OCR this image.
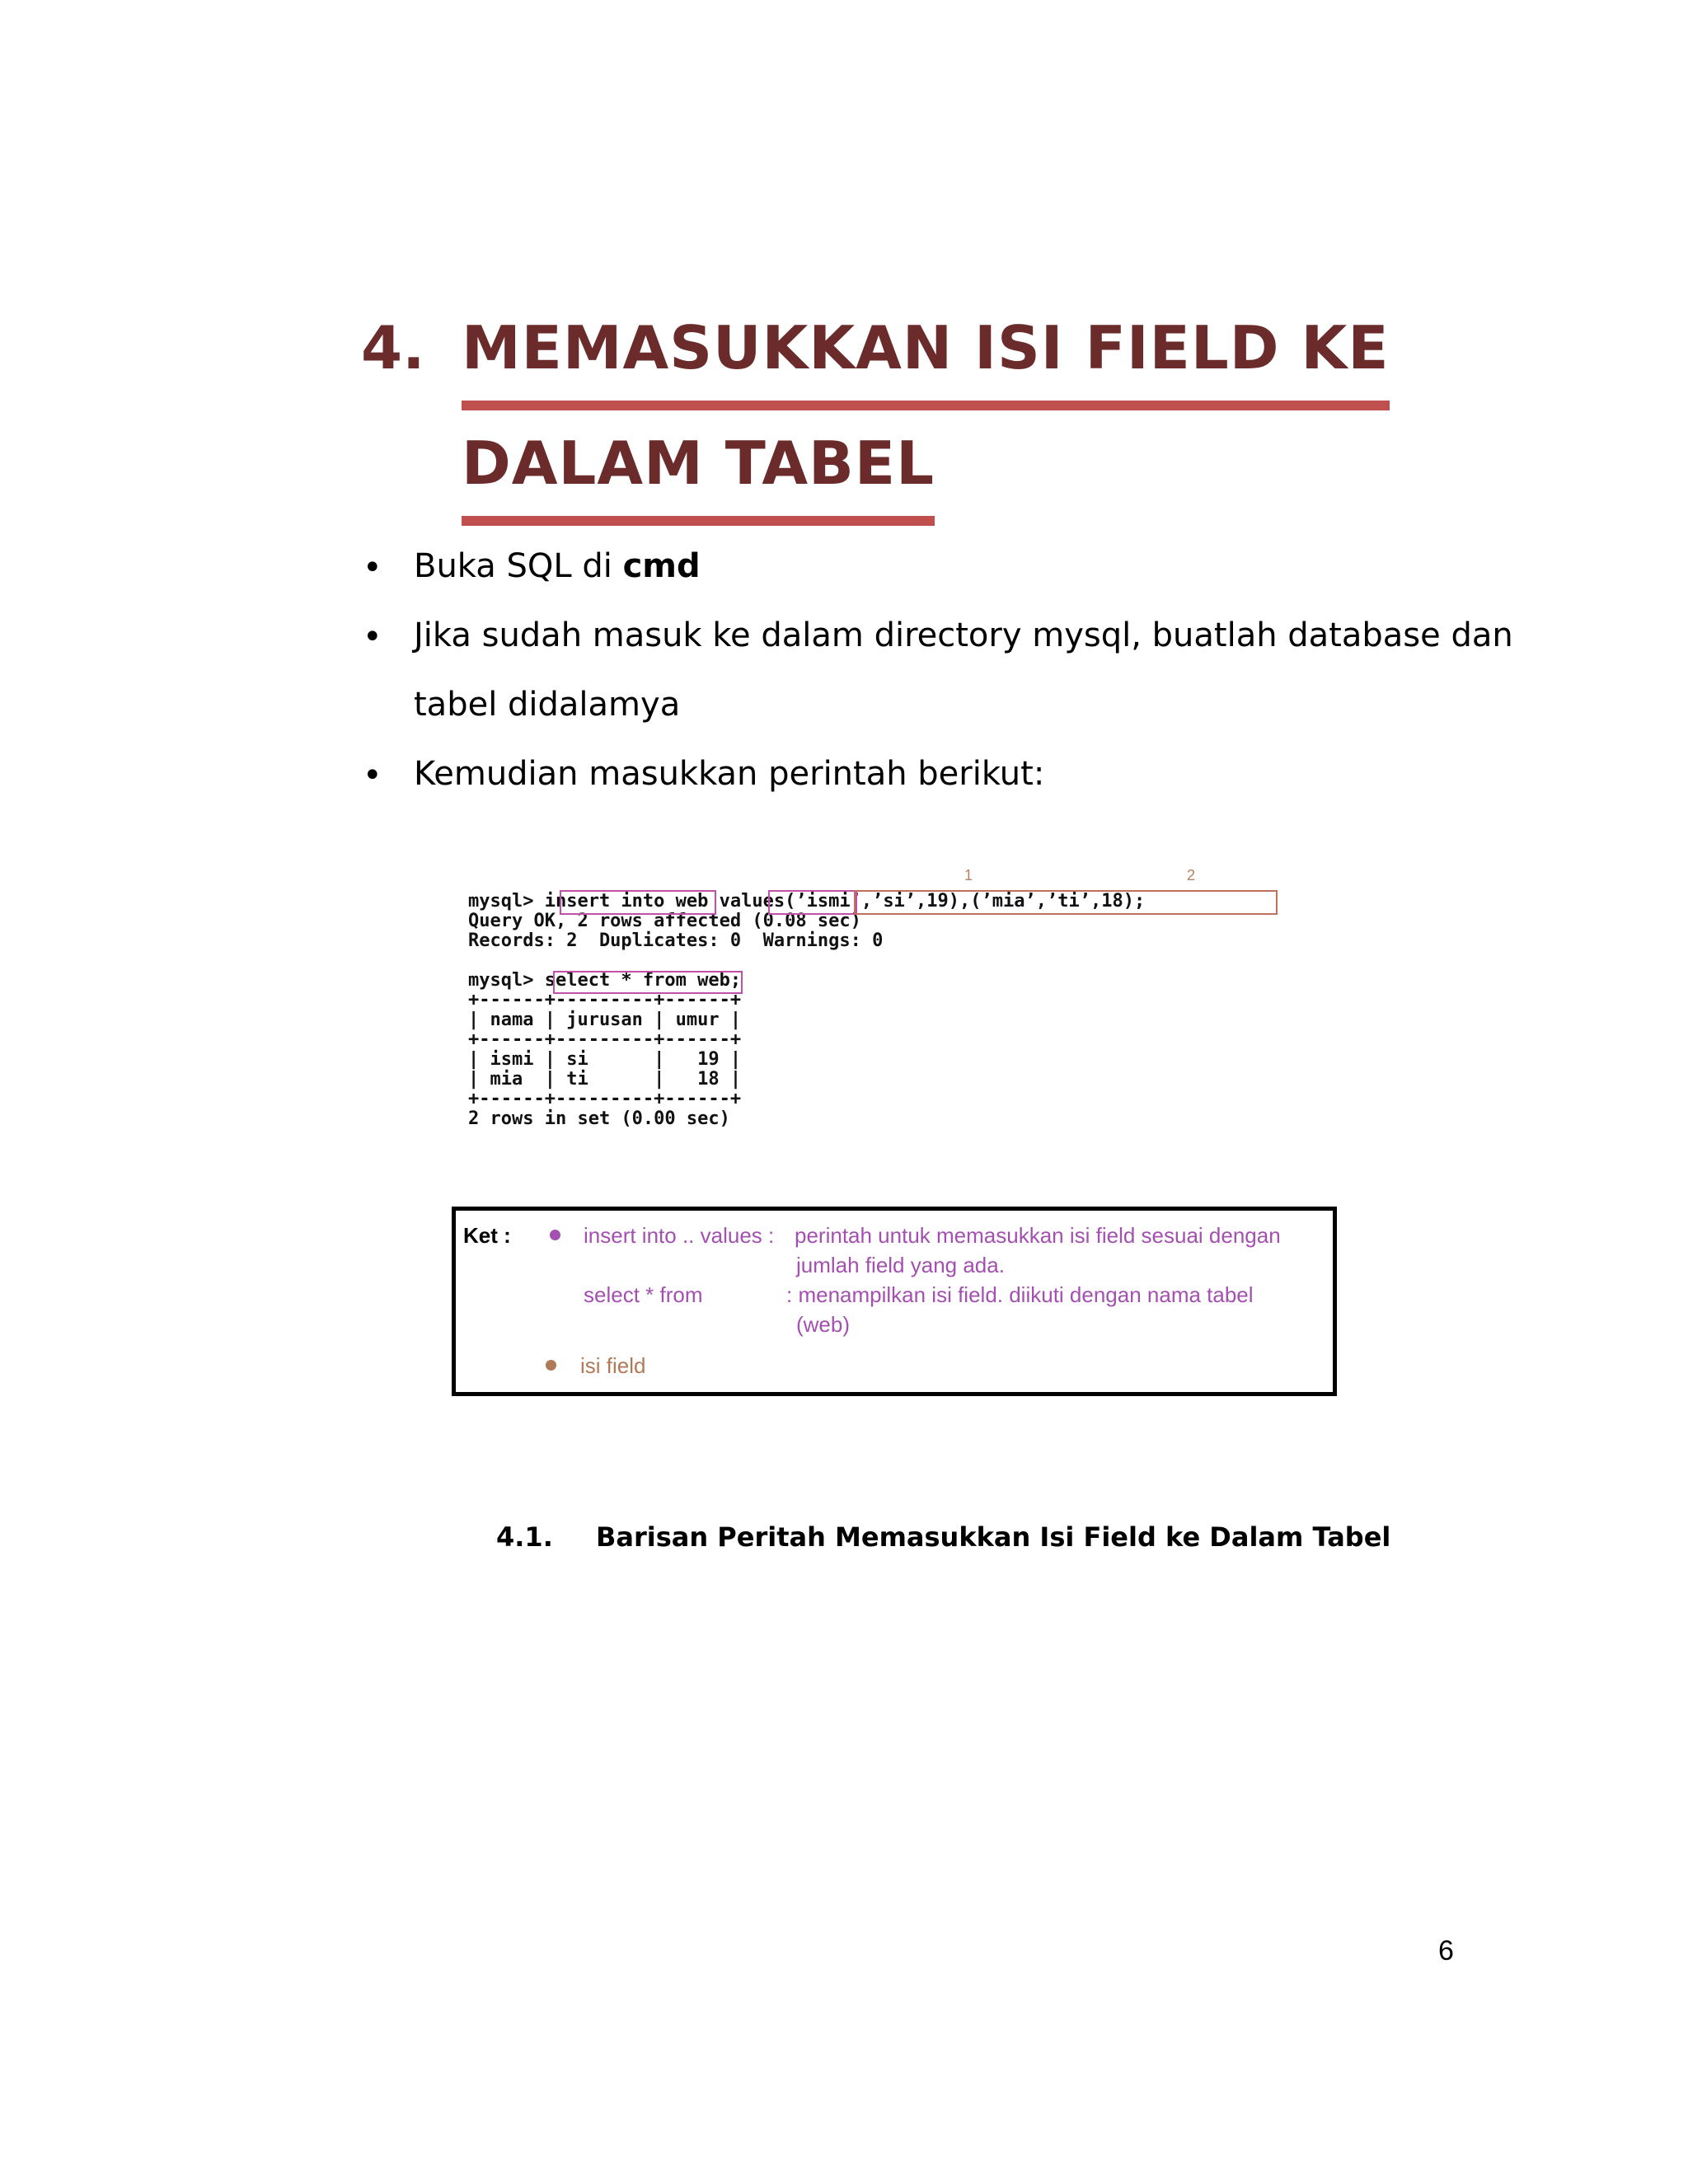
4. MEMASUKKAN ISI FIELD KE
DALAM TABEL
• Buka SQL di cmd
• Jika sudah masuk ke dalam directory mysql, buatlah database dan
tabel didalamya
• Kemudian masukkan perintah berikut:
1	2
mysql> insert into web values(’ismi’,’si’,19),(’mia’,’ti’,18);
Query OK, 2 rows affected (0.08 sec)
Records: 2  Duplicates: 0  Warnings: 0
mysql> select * from web;
+------+---------+------+
| nama | jurusan | umur |
+------+---------+------+
| ismi | si      |   19 |
| mia  | ti      |   18 |
+------+---------+------+
2 rows in set (0.00 sec)
Ket :	insert into .. values : perintah untuk memasukkan isi field sesuai dengan
jumlah field yang ada.
select * from	: menampilkan isi field. diikuti dengan nama tabel
(web)
isi field
4.1. Barisan Peritah Memasukkan Isi Field ke Dalam Tabel
6
